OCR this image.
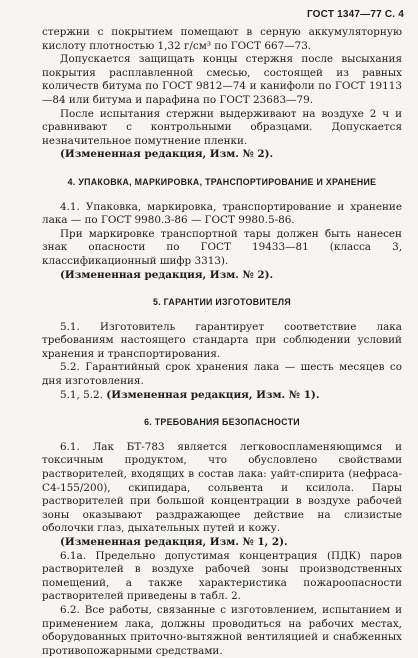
ГОСТ 1347—77 С. 4

стержни с покрытием помещают в серную аккумуляторную кислоту плотностью 1,32 г/см³ по ГОСТ 667—73.

Допускается защищать концы стержня после высыхания покрытия расплавленной смесью, состоящей из равных количеств битума по ГОСТ 9812—74 и канифоли по ГОСТ 19113—84 или битума и парафина по ГОСТ 23683—79.

После испытания стержни выдерживают на воздухе 2 ч и сравнивают с контрольными образцами. Допускается незначительное помутнение пленки.

(Измененная редакция, Изм. № 2).

4. УПАКОВКА, МАРКИРОВКА, ТРАНСПОРТИРОВАНИЕ И ХРАНЕНИЕ

4.1. Упаковка, маркировка, транспортирование и хранение лака — по ГОСТ 9980.3-86 — ГОСТ 9980.5-86.

При маркировке транспортной тары должен быть нанесен знак опасности по ГОСТ 19433—81 (класса 3, классификационный шифр 3313).

(Измененная редакция, Изм. № 2).

5. ГАРАНТИИ ИЗГОТОВИТЕЛЯ

5.1. Изготовитель гарантирует соответствие лака требованиям настоящего стандарта при соблюдении условий хранения и транспортирования.

5.2. Гарантийный срок хранения лака — шесть месяцев со дня изготовления.

5.1, 5.2. (Измененная редакция, Изм. № 1).

6. ТРЕБОВАНИЯ БЕЗОПАСНОСТИ

6.1. Лак БТ-783 является легковоспламеняющимся и токсичным продуктом, что обусловлено свойствами растворителей, входящих в состав лака: уайт-спирита (нефраса-С4-155/200), скипидара, сольвента и ксилола. Пары растворителей при большой концентрации в воздухе рабочей зоны оказывают раздражающее действие на слизистые оболочки глаз, дыхательных путей и кожу.

(Измененная редакция, Изм. № 1, 2).

6.1а. Предельно допустимая концентрация (ПДК) паров растворителей в воздухе рабочей зоны производственных помещений, а также характеристика пожароопасности растворителей приведены в табл. 2.

6.2. Все работы, связанные с изготовлением, испытанием и применением лака, должны проводиться на рабочих местах, оборудованных приточно-вытяжной вентиляцией и снабженных противопожарными средствами.
